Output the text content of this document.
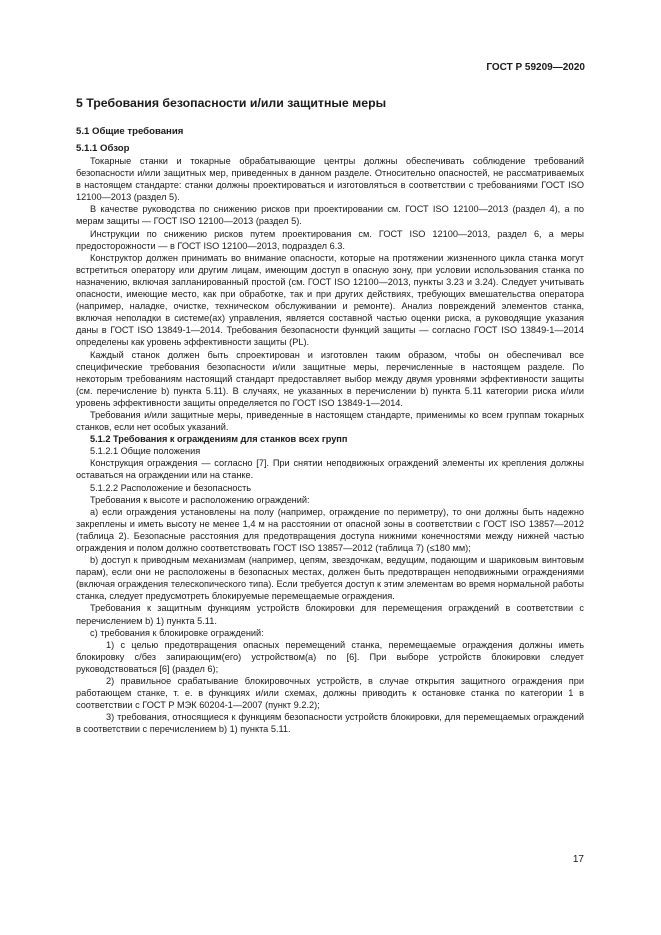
ГОСТ Р 59209—2020
5 Требования безопасности и/или защитные меры
5.1 Общие требования
5.1.1 Обзор

Токарные станки и токарные обрабатывающие центры должны обеспечивать соблюдение требований безопасности и/или защитных мер, приведенных в данном разделе. Относительно опасностей, не рассматриваемых в настоящем стандарте: станки должны проектироваться и изготовляться в соответствии с требованиями ГОСТ ISO 12100—2013 (раздел 5).

В качестве руководства по снижению рисков при проектировании см. ГОСТ ISO 12100—2013 (раздел 4), а по мерам защиты — ГОСТ ISO 12100—2013 (раздел 5).

Инструкции по снижению рисков путем проектирования см. ГОСТ ISO 12100—2013, раздел 6, а меры предосторожности — в ГОСТ ISO 12100—2013, подраздел 6.3.

Конструктор должен принимать во внимание опасности, которые на протяжении жизненного цикла станка могут встретиться оператору или другим лицам, имеющим доступ в опасную зону, при условии использования станка по назначению, включая запланированный простой (см. ГОСТ ISO 12100—2013, пункты 3.23 и 3.24). Следует учитывать опасности, имеющие место, как при обработке, так и при других действиях, требующих вмешательства оператора (например, наладке, очистке, техническом обслуживании и ремонте). Анализ повреждений элементов станка, включая неполадки в системе(ах) управления, является составной частью оценки риска, а руководящие указания даны в ГОСТ ISO 13849-1—2014. Требования безопасности функций защиты — согласно ГОСТ ISO 13849-1—2014 определены как уровень эффективности защиты (PL).

Каждый станок должен быть спроектирован и изготовлен таким образом, чтобы он обеспечивал все специфические требования безопасности и/или защитные меры, перечисленные в настоящем разделе. По некоторым требованиям настоящий стандарт предоставляет выбор между двумя уровнями эффективности защиты (см. перечисление b) пункта 5.11). В случаях, не указанных в перечислении b) пункта 5.11 категории риска и/или уровень эффективности защиты определяется по ГОСТ ISO 13849-1—2014.

Требования и/или защитные меры, приведенные в настоящем стандарте, применимы ко всем группам токарных станков, если нет особых указаний.

5.1.2 Требования к ограждениям для станков всех групп

5.1.2.1 Общие положения

Конструкция ограждения — согласно [7]. При снятии неподвижных ограждений элементы их крепления должны оставаться на ограждении или на станке.

5.1.2.2 Расположение и безопасность

Требования к высоте и расположению ограждений:

a) если ограждения установлены на полу (например, ограждение по периметру), то они должны быть надежно закреплены и иметь высоту не менее 1,4 м на расстоянии от опасной зоны в соответствии с ГОСТ ISO 13857—2012 (таблица 2). Безопасные расстояния для предотвращения доступа нижними конечностями между нижней частью ограждения и полом должно соответствовать ГОСТ ISO 13857—2012 (таблица 7) (≤180 мм);

b) доступ к приводным механизмам (например, цепям, звездочкам, ведущим, подающим и шариковым винтовым парам), если они не расположены в безопасных местах, должен быть предотвращен неподвижными ограждениями (включая ограждения телескопического типа). Если требуется доступ к этим элементам во время нормальной работы станка, следует предусмотреть блокируемые перемещаемые ограждения.

Требования к защитным функциям устройств блокировки для перемещения ограждений в соответствии с перечислением b) 1) пункта 5.11.

c) требования к блокировке ограждений:

1) с целью предотвращения опасных перемещений станка, перемещаемые ограждения должны иметь блокировку с/без запирающим(его) устройством(а) по [6]. При выборе устройств блокировки следует руководствоваться [6] (раздел 6);

2) правильное срабатывание блокировочных устройств, в случае открытия защитного ограждения при работающем станке, т. е. в функциях и/или схемах, должны приводить к остановке станка по категории 1 в соответствии с ГОСТ Р МЭК 60204-1—2007 (пункт 9.2.2);

3) требования, относящиеся к функциям безопасности устройств блокировки, для перемещаемых ограждений в соответствии с перечислением b) 1) пункта 5.11.

17
